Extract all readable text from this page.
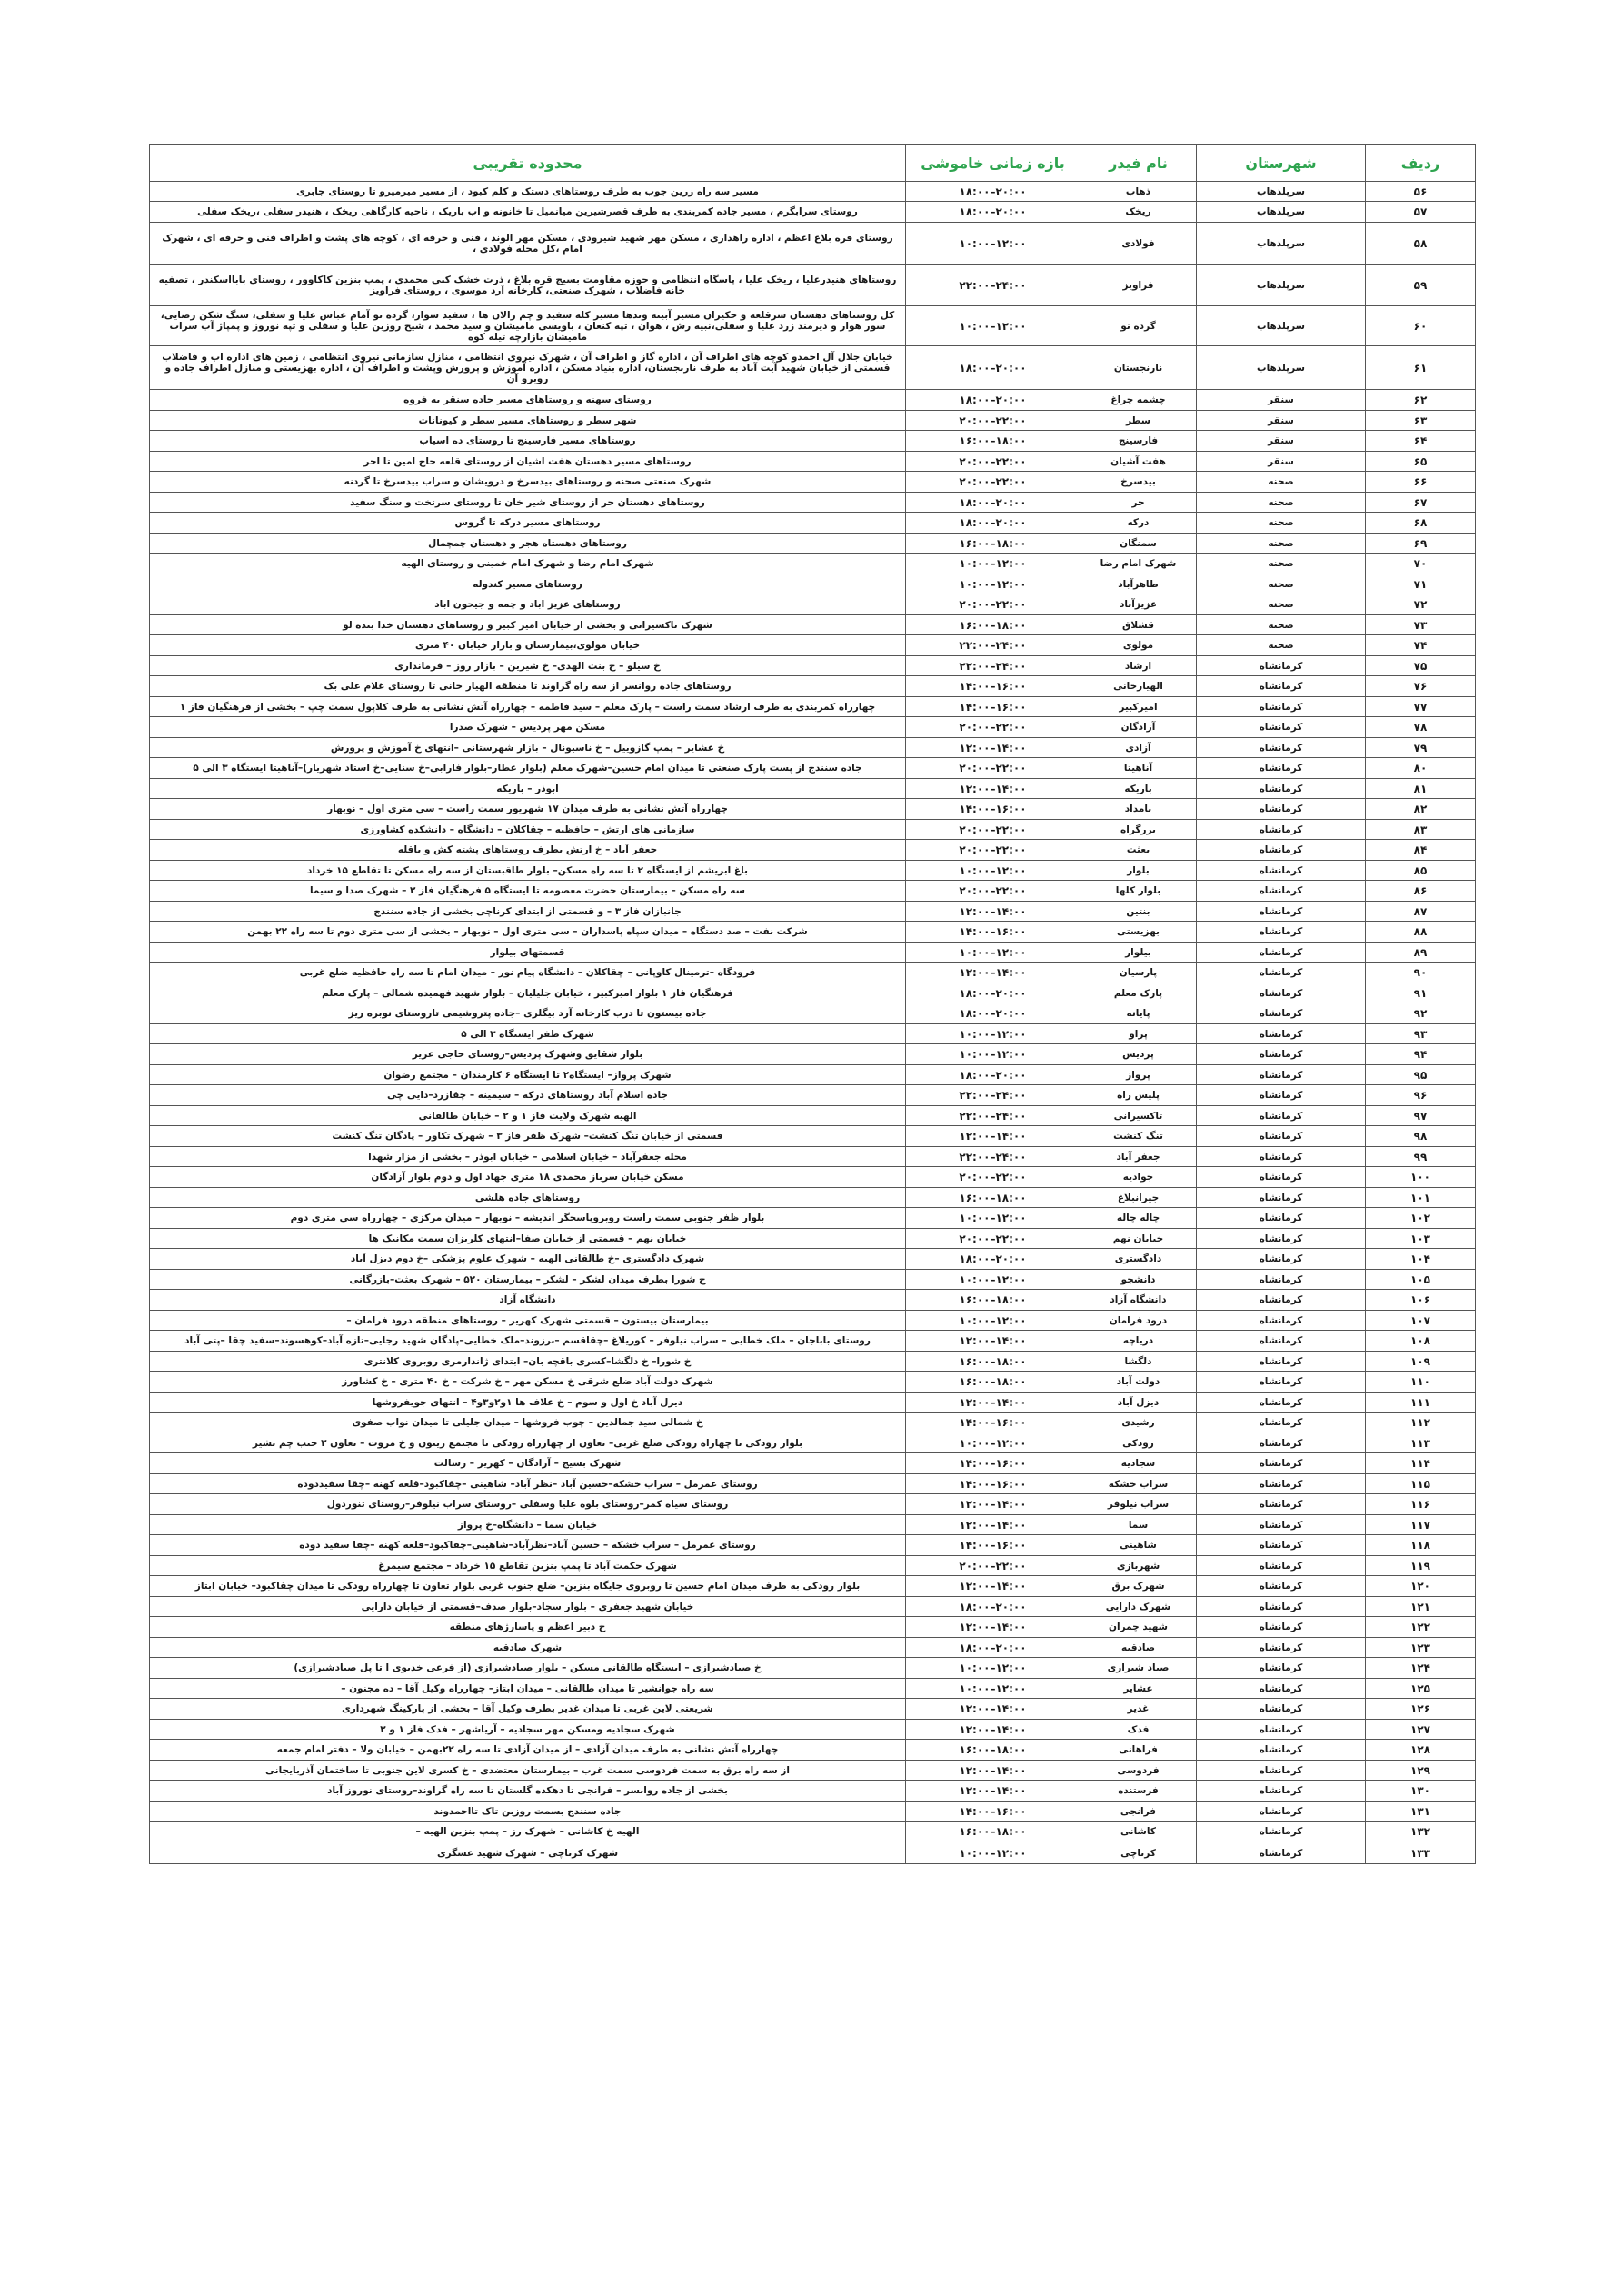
ردیف	شهرستان	نام فیدر	بازه زمانی خاموشی	محدوده تقریبی
۵۶	سرپلذهاب	ذهاب	۱۸:۰۰–۲۰:۰۰	مسیر سه راه زرین جوب به طرف روستاهای دستک و کلم کبود ، از مسیر میرمیرو تا روستای جابری
۵۷	سرپلذهاب	ریخک	۱۸:۰۰–۲۰:۰۰	روستای سرابگرم ، مسیر جاده کمربندی به طرف قصرشیرین میانمیل تا خانونه و اب باریک ، ناحیه کارگاهی ریخک ، هنیدر سفلی ،ریخک سفلی
۵۸	سرپلذهاب	فولادی	۱۰:۰۰–۱۲:۰۰	روستای قره بلاغ اعظم ، اداره راهداری ، مسکن مهر شهید شیرودی ، مسکن مهر الوند ، فنی و حرفه ای ، کوچه های پشت و اطراف فنی و حرفه ای ، شهرک امام ،کل محله فولادی ،
۵۹	سرپلذهاب	فراویز	۲۲:۰۰–۲۴:۰۰	روستاهای هنیدرعلیا ، ریخک علیا ، پاسگاه انتظامی و حوزه مقاومت بسیج قره بلاغ ، ذرت خشک کنی محمدی ، پمپ بنزین کاکاوور ، روستای بابااسکندر ، تصفیه خانه فاضلاب ، شهرک صنعتی، کارخانه آرد موسوی ، روستای فراویز
۶۰	سرپلذهاب	گرده نو	۱۰:۰۰–۱۲:۰۰	کل روستاهای دهستان سرقلعه و حکیران مسیر آبینه وندها مسیر کله سفید و چم زالان ها ، سفید سوار، گرده نو آمام عباس علیا و سفلی، سنگ شکن رضایی، سور هوار و دیرمند زرد علیا و سفلی،نبیه رش ، هوان ، تپه کنعان ، باویسی مامیشان و سید محمد ، شیخ روزین علیا و سفلی و تپه نوروز و پمپاژ آب سراب مامیشان بازارچه تیله کوه
۶۱	سرپلذهاب	نارنجستان	۱۸:۰۰–۲۰:۰۰	خیابان جلال آل احمدو کوچه های اطراف آن ، اداره گاز و اطراف آن ، شهرک نیروی انتظامی ، منازل سازمانی نیروی انتظامی ، زمین های اداره اب و فاضلاب قسمتی از خیابان شهید آیت آباد به طرف نارنجستان، اداره بنیاد مسکن ، اداره آموزش و پرورش وپشت و اطراف آن ، اداره بهزیستی و منازل اطراف جاده و روبرو آن
۶۲	سنقر	چشمه چراغ	۱۸:۰۰–۲۰:۰۰	روستای سهنه و روستاهای مسیر جاده سنقر به فروه
۶۳	سنقر	سطر	۲۰:۰۰–۲۲:۰۰	شهر سطر و روستاهای مسیر سطر و کیونانات
۶۴	سنقر	فارسینج	۱۶:۰۰–۱۸:۰۰	روستاهای مسیر فارسینج تا روستای ده اسیاب
۶۵	سنقر	هفت آشیان	۲۰:۰۰–۲۲:۰۰	روستاهای مسیر دهستان هفت اشیان از روستای قلعه حاج امین تا اخر
۶۶	صحنه	بیدسرخ	۲۰:۰۰–۲۲:۰۰	شهرک صنعتی صحنه و روستاهای بیدسرخ و درویشان و سراب بیدسرخ تا گردنه
۶۷	صحنه	حر	۱۸:۰۰–۲۰:۰۰	روستاهای دهستان حر از روستای شیر خان تا روستای سرتخت و سنگ سفید
۶۸	صحنه	درکه	۱۸:۰۰–۲۰:۰۰	روستاهای مسیر درکه تا گروس
۶۹	صحنه	سمنگان	۱۶:۰۰–۱۸:۰۰	روستاهای دهستاه هجر و دهستان چمچمال
۷۰	صحنه	شهرک امام رضا	۱۰:۰۰–۱۲:۰۰	شهرک امام رضا و شهرک امام خمینی و روستای الهیه
۷۱	صحنه	طاهرآباد	۱۰:۰۰–۱۲:۰۰	روستاهای مسیر کندوله
۷۲	صحنه	عزیزآباد	۲۰:۰۰–۲۲:۰۰	روستاهای عزیز اباد و چمه و جیحون اباد
۷۳	صحنه	قشلاق	۱۶:۰۰–۱۸:۰۰	شهرک تاکسیرانی و بخشی از خیابان امیر کبیر و روستاهای دهستان خدا بنده لو
۷۴	صحنه	مولوی	۲۲:۰۰–۲۴:۰۰	خیابان مولوی،بیمارستان و بازار خیابان ۴۰ متری
۷۵	کرمانشاه	ارشاد	۲۲:۰۰–۲۴:۰۰	خ سیلو – خ بنت الهدی– خ شیرین – بازار روز – فرمانداری
۷۶	کرمانشاه	الهیارخانی	۱۴:۰۰–۱۶:۰۰	روستاهای جاده روانسر از سه راه گراوند تا منطقه الهیار خانی تا روستای غلام علی بک
۷۷	کرمانشاه	امیرکبیر	۱۴:۰۰–۱۶:۰۰	چهارراه کمربندی به طرف ارشاد سمت راست – پارک معلم – سید فاطمه – چهارراه آتش نشانی به طرف کلاپول سمت چپ – بخشی از فرهنگیان فاز ۱
۷۸	کرمانشاه	آزادگان	۲۰:۰۰–۲۲:۰۰	مسکن مهر پردیس – شهرک صدرا
۷۹	کرمانشاه	آزادی	۱۲:۰۰–۱۴:۰۰	خ عشایر – پمپ گازوییل – خ ناسیونال – بازار شهرستانی –انتهای خ آموزش و پرورش
۸۰	کرمانشاه	آناهیتا	۲۰:۰۰–۲۲:۰۰	جاده سنندج از پست پارک صنعتی تا میدان امام حسین–شهرک معلم (بلوار عطار–بلوار فارابی–خ سنایی–خ استاد شهریار)–آناهیتا ایستگاه ۳ الی ۵
۸۱	کرمانشاه	باریکه	۱۲:۰۰–۱۴:۰۰	ابوذر – باریکه
۸۲	کرمانشاه	بامداد	۱۴:۰۰–۱۶:۰۰	چهارراه آتش نشانی به طرف میدان ۱۷ شهریور سمت راست – سی متری اول – نوبهار
۸۳	کرمانشاه	بزرگراه	۲۰:۰۰–۲۲:۰۰	سازمانی های ارتش – حافظیه – چقاکلان – دانشگاه – دانشکده کشاورزی
۸۴	کرمانشاه	بعثت	۲۰:۰۰–۲۲:۰۰	جعفر آباد – خ ارتش بطرف روستاهای پشته کش و باقله
۸۵	کرمانشاه	بلوار	۱۰:۰۰–۱۲:۰۰	باغ ابریشم از ایستگاه ۲ تا سه راه مسکن– بلوار طاقبستان از سه راه مسکن تا تقاطع ۱۵ خرداد
۸۶	کرمانشاه	بلوار کلها	۲۰:۰۰–۲۲:۰۰	سه راه مسکن – بیمارستان حضرت معصومه تا ایستگاه ۵ فرهنگیان فاز ۲ – شهرک صدا و سیما
۸۷	کرمانشاه	بنتین	۱۲:۰۰–۱۴:۰۰	جانبازان فاز ۳ – و قسمتی از ابتدای کرناچی بخشی از جاده سنندج
۸۸	کرمانشاه	بهزیستی	۱۴:۰۰–۱۶:۰۰	شرکت نفت – صد دستگاه – میدان سپاه پاسداران – سی متری اول – نوبهار – بخشی از سی متری دوم تا سه راه ۲۲ بهمن
۸۹	کرمانشاه	بیلوار	۱۰:۰۰–۱۲:۰۰	قسمتهای بیلوار
۹۰	کرمانشاه	پارسیان	۱۲:۰۰–۱۴:۰۰	فرودگاه –ترمینال کاوپانی – چقاکلان – دانشگاه پیام نور – میدان امام تا سه راه حافظیه ضلع غربی
۹۱	کرمانشاه	پارک معلم	۱۸:۰۰–۲۰:۰۰	فرهنگیان فاز ۱ بلوار امیرکبیر ، خیابان جلیلیان – بلوار شهید فهمیده شمالی – پارک معلم
۹۲	کرمانشاه	پایانه	۱۸:۰۰–۲۰:۰۰	جاده بیستون تا درب کارخانه آرد بیگلری –جاده پتروشیمی تاروستای نوبره ریز
۹۳	کرمانشاه	پراو	۱۰:۰۰–۱۲:۰۰	شهرک ظفر ایستگاه ۳ الی ۵
۹۴	کرمانشاه	پردیس	۱۰:۰۰–۱۲:۰۰	بلوار شقایق وشهرک پردیس–روستای حاجی عزیز
۹۵	کرمانشاه	پرواز	۱۸:۰۰–۲۰:۰۰	شهرک پرواز– ایستگاه۲ تا ایستگاه ۶ کارمندان – مجتمع رضوان
۹۶	کرمانشاه	پلیس راه	۲۲:۰۰–۲۴:۰۰	جاده اسلام آباد روستاهای درکه – سیمینه – چقازرد–دایی چی
۹۷	کرمانشاه	تاکسیرانی	۲۲:۰۰–۲۴:۰۰	الهیه شهرک ولایت فاز ۱ و ۲ – خیابان طالقانی
۹۸	کرمانشاه	تنگ کنشت	۱۲:۰۰–۱۴:۰۰	قسمتی از خیابان تنگ کنشت– شهرک ظفر فاز ۳ – شهرک تکاور – پادگان تنگ کنشت
۹۹	کرمانشاه	جعفر آباد	۲۲:۰۰–۲۴:۰۰	محله جعفرآباد – خیابان اسلامی – خیابان ابوذر – بخشی از مزار شهدا
۱۰۰	کرمانشاه	جوادیه	۲۰:۰۰–۲۲:۰۰	مسکن خیابان سرباز محمدی ۱۸ متری جهاد اول و دوم بلوار آزادگان
۱۰۱	کرمانشاه	جیرانبلاغ	۱۶:۰۰–۱۸:۰۰	روستاهای جاده هلشی
۱۰۲	کرمانشاه	چاله چاله	۱۰:۰۰–۱۲:۰۰	بلوار ظفر جنوبی سمت راست روبروپاسخگر اندیشه – نوبهار – میدان مرکزی – چهارراه سی متری دوم
۱۰۳	کرمانشاه	خیابان نهم	۲۰:۰۰–۲۲:۰۰	خیابان نهم – قسمتی از خیابان صفا–انتهای کلریزان سمت مکانیک ها
۱۰۴	کرمانشاه	دادگستری	۱۸:۰۰–۲۰:۰۰	شهرک دادگستری –خ طالقانی الهیه – شهرک علوم پزشکی –خ دوم دیزل آباد
۱۰۵	کرمانشاه	دانشجو	۱۰:۰۰–۱۲:۰۰	خ شورا بطرف میدان لشکر – لشکر – بیمارستان ۵۲۰ – شهرک بعثت–بازرگانی
۱۰۶	کرمانشاه	دانشگاه آزاد	۱۶:۰۰–۱۸:۰۰	دانشگاه آزاد
۱۰۷	کرمانشاه	درود فرامان	۱۰:۰۰–۱۲:۰۰	بیمارستان بیستون – قسمتی شهرک کهریز – روستاهای منطقه درود فرامان –
۱۰۸	کرمانشاه	دریاچه	۱۲:۰۰–۱۴:۰۰	روستای باباجان – ملک خطایی – سراب نیلوفر – کوریلاغ –چقاقسم –برزوند–ملک خطایی–پادگان شهید رجایی–تازه آباد–کوهسوند–سفید چقا –پتی آباد
۱۰۹	کرمانشاه	دلگشا	۱۶:۰۰–۱۸:۰۰	خ شورا– خ دلگشا–کسری باقچه بان– ابتدای ژاندارمری روبروی کلانتری
۱۱۰	کرمانشاه	دولت آباد	۱۶:۰۰–۱۸:۰۰	شهرک دولت آباد ضلع شرقی خ مسکن مهر – خ شرکت – خ ۴۰ متری – خ کشاورز
۱۱۱	کرمانشاه	دیزل آباد	۱۲:۰۰–۱۴:۰۰	دیزل آباد خ اول و سوم – خ علاف ها ۱و۲و۳و۴ – انتهای جویفروشها
۱۱۲	کرمانشاه	رشیدی	۱۴:۰۰–۱۶:۰۰	خ شمالی سید جمالدین – چوب فروشها – میدان جلیلی تا میدان نواب صفوی
۱۱۳	کرمانشاه	رودکی	۱۰:۰۰–۱۲:۰۰	بلوار رودکی تا چهاراه رودکی ضلع غربی– تعاون از چهارراه رودکی تا مجتمع زیتون و خ مروت – تعاون ۲ جنب چم بشیر
۱۱۴	کرمانشاه	سجادیه	۱۴:۰۰–۱۶:۰۰	شهرک بسیج – آزادگان – کهریز – رسالت
۱۱۵	کرمانشاه	سراب خشکه	۱۴:۰۰–۱۶:۰۰	روستای عمرمل – سراب خشکه–حسین آباد –نظر آباد– شاهینی –چقاکبود–قلعه کهنه –چقا سفیددوده
۱۱۶	کرمانشاه	سراب نیلوفر	۱۲:۰۰–۱۴:۰۰	روستای سیاه کمر–روستای بلوه علیا وسفلی –روستای سراب نیلوفر–روستای تنوردول
۱۱۷	کرمانشاه	سما	۱۲:۰۰–۱۴:۰۰	خیابان سما – دانشگاه–خ پرواز
۱۱۸	کرمانشاه	شاهینی	۱۴:۰۰–۱۶:۰۰	روستای عمرمل – سراب خشکه – حسین آباد–نظرآباد–شاهینی–چقاکبود–قلعه کهنه –چقا سفید دوده
۱۱۹	کرمانشاه	شهربازی	۲۰:۰۰–۲۲:۰۰	شهرک حکمت آباد تا پمپ بنزین تقاطع ۱۵ خرداد – مجتمع سیمرغ
۱۲۰	کرمانشاه	شهرک برق	۱۲:۰۰–۱۴:۰۰	بلوار رودکی به طرف میدان امام حسین تا روبروی جایگاه بنزین– ضلع جنوب غربی بلوار تعاون تا چهارراه رودکی تا میدان چقاکبود– خیابان ابتاز
۱۲۱	کرمانشاه	شهرک دارایی	۱۸:۰۰–۲۰:۰۰	خیابان شهید جعفری – بلوار سجاد–بلوار صدف–قسمتی از خیابان دارایی
۱۲۲	کرمانشاه	شهید چمران	۱۲:۰۰–۱۴:۰۰	خ دبیر اعظم و پاسارژهای منطقه
۱۲۳	کرمانشاه	صادقیه	۱۸:۰۰–۲۰:۰۰	شهرک صادقیه
۱۲۴	کرمانشاه	صیاد شیرازی	۱۰:۰۰–۱۲:۰۰	خ صیادشیرازی – ایستگاه طالقانی مسکن – بلوار صیادشیرازی (از فرعی خدیوی ا تا پل صیادشیرازی)
۱۲۵	کرمانشاه	عشایر	۱۰:۰۰–۱۲:۰۰	سه راه جوانشیر تا میدان طالقانی – میدان ابتاز– چهارراه وکیل آقا – ده مجنون –
۱۲۶	کرمانشاه	غدیر	۱۲:۰۰–۱۴:۰۰	شریعتی لاین غربی تا میدان غدیر بطرف وکیل آقا – بخشی از پارکینگ شهرداری
۱۲۷	کرمانشاه	فدک	۱۲:۰۰–۱۴:۰۰	شهرک سجادیه ومسکن مهر سجادیه – آریاشهر – فدک فاز ۱ و ۲
۱۲۸	کرمانشاه	فراهانی	۱۶:۰۰–۱۸:۰۰	چهارراه آتش نشانی به طرف میدان آزادی – از میدان آزادی تا سه راه ۲۲بهمن – خیابان ولا – دفتر امام جمعه
۱۲۹	کرمانشاه	فردوسی	۱۲:۰۰–۱۴:۰۰	از سه راه برق به سمت فردوسی سمت غرب – بیمارستان معتضدی – خ کسری لاین جنوبی تا ساختمان آذربایجانی
۱۳۰	کرمانشاه	فرستنده	۱۲:۰۰–۱۴:۰۰	بخشی از جاده روانسر – فرانجی تا دهکده گلستان تا سه راه گراوند–روستای نوروز آباد
۱۳۱	کرمانشاه	فرانجی	۱۴:۰۰–۱۶:۰۰	جاده سنندج بسمت روزبن تاک تااحمدوند
۱۳۲	کرمانشاه	کاشانی	۱۶:۰۰–۱۸:۰۰	الهیه خ کاشانی – شهرک رز – پمپ بنزین الهیه –
۱۳۳	کرمانشاه	کرناچی	۱۰:۰۰–۱۲:۰۰	شهرک کرناچی – شهرک شهید عسگری
